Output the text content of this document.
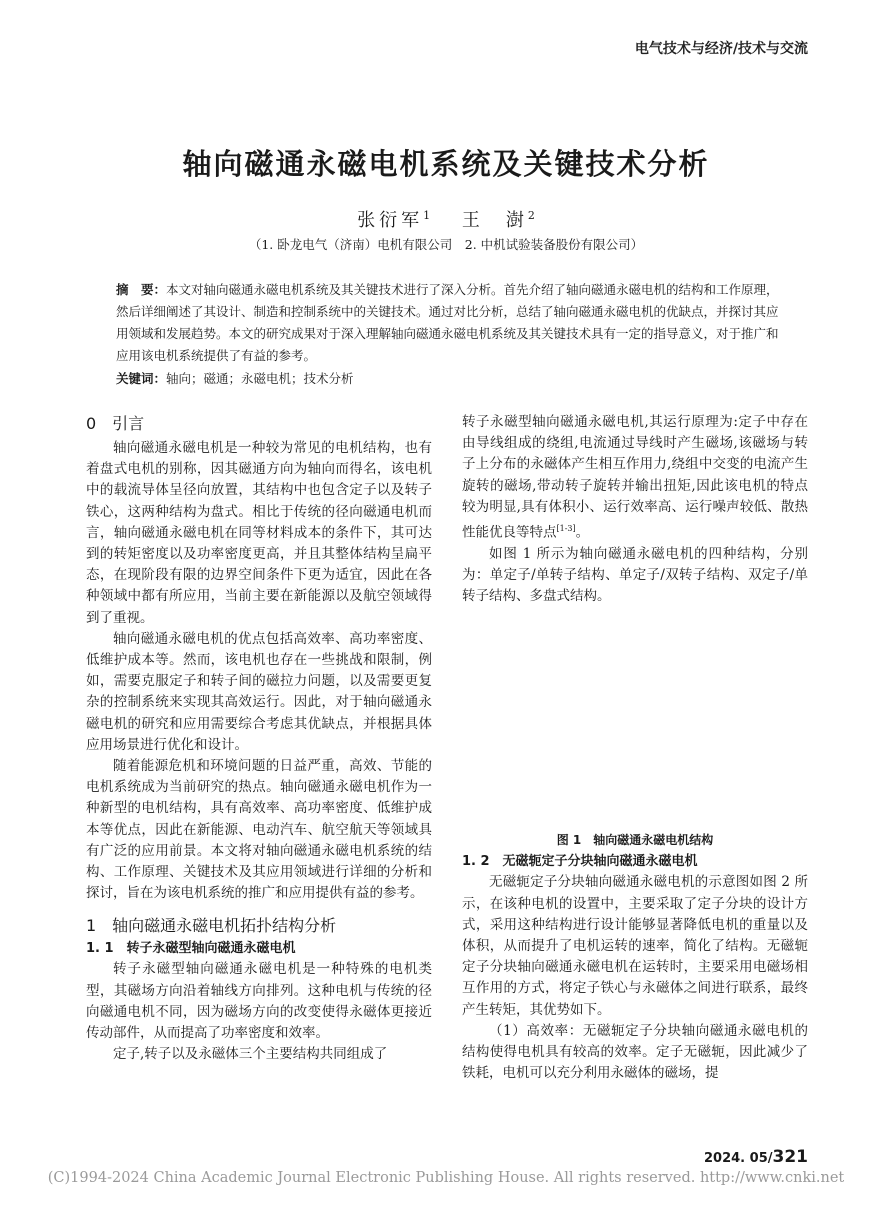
电气技术与经济/技术与交流
轴向磁通永磁电机系统及关键技术分析
张衍军$^1$　 王　澍$^2$
（1. 卧龙电气（济南）电机有限公司　2. 中机试验装备股份有限公司）
摘　要：本文对轴向磁通永磁电机系统及其关键技术进行了深入分析。首先介绍了轴向磁通永磁电机的结构和工作原理，然后详细阐述了其设计、制造和控制系统中的关键技术。通过对比分析，总结了轴向磁通永磁电机的优缺点，并探讨其应用领域和发展趋势。本文的研究成果对于深入理解轴向磁通永磁电机系统及其关键技术具有一定的指导意义，对于推广和应用该电机系统提供了有益的参考。
关键词：轴向；磁通；永磁电机；技术分析
0　引言

轴向磁通永磁电机是一种较为常见的电机结构，也有着盘式电机的别称，因其磁通方向为轴向而得名，该电机中的载流导体呈径向放置，其结构中也包含定子以及转子铁心，这两种结构为盘式。相比于传统的径向磁通电机而言，轴向磁通永磁电机在同等材料成本的条件下，其可达到的转矩密度以及功率密度更高，并且其整体结构呈扁平态，在现阶段有限的边界空间条件下更为适宜，因此在各种领域中都有所应用，当前主要在新能源以及航空领域得到了重视。

轴向磁通永磁电机的优点包括高效率、高功率密度、低维护成本等。然而，该电机也存在一些挑战和限制，例如，需要克服定子和转子间的磁拉力问题，以及需要更复杂的控制系统来实现其高效运行。因此，对于轴向磁通永磁电机的研究和应用需要综合考虑其优缺点，并根据具体应用场景进行优化和设计。

随着能源危机和环境问题的日益严重，高效、节能的电机系统成为当前研究的热点。轴向磁通永磁电机作为一种新型的电机结构，具有高效率、高功率密度、低维护成本等优点，因此在新能源、电动汽车、航空航天等领域具有广泛的应用前景。本文将对轴向磁通永磁电机系统的结构、工作原理、关键技术及其应用领域进行详细的分析和探讨，旨在为该电机系统的推广和应用提供有益的参考。

1　轴向磁通永磁电机拓扑结构分析
1. 1　转子永磁型轴向磁通永磁电机

转子永磁型轴向磁通永磁电机是一种特殊的电机类型，其磁场方向沿着轴线方向排列。这种电机与传统的径向磁通电机不同，因为磁场方向的改变使得永磁体更接近传动部件，从而提高了功率密度和效率。

定子,转子以及永磁体三个主要结构共同组成了

转子永磁型轴向磁通永磁电机,其运行原理为:定子中存在由导线组成的绕组,电流通过导线时产生磁场,该磁场与转子上分布的永磁体产生相互作用力,绕组中交变的电流产生旋转的磁场,带动转子旋转并输出扭矩,因此该电机的特点较为明显,具有体积小、运行效率高、运行噪声较低、散热性能优良等特点[1-3]。

如图 1 所示为轴向磁通永磁电机的四种结构，分别为：单定子/单转子结构、单定子/双转子结构、双定子/单转子结构、多盘式结构。

图 1　轴向磁通永磁电机结构
1. 2　无磁轭定子分块轴向磁通永磁电机

无磁轭定子分块轴向磁通永磁电机的示意图如图 2 所示，在该种电机的设置中，主要采取了定子分块的设计方式，采用这种结构进行设计能够显著降低电机的重量以及体积，从而提升了电机运转的速率，简化了结构。无磁轭定子分块轴向磁通永磁电机在运转时，主要采用电磁场相互作用的方式，将定子铁心与永磁体之间进行联系，最终产生转矩，其优势如下。

（1）高效率：无磁轭定子分块轴向磁通永磁电机的结构使得电机具有较高的效率。定子无磁轭，因此减少了铁耗，电机可以充分利用永磁体的磁场，提

2024. 05/321
(C)1994-2024 China Academic Journal Electronic Publishing House. All rights reserved. http://www.cnki.net
